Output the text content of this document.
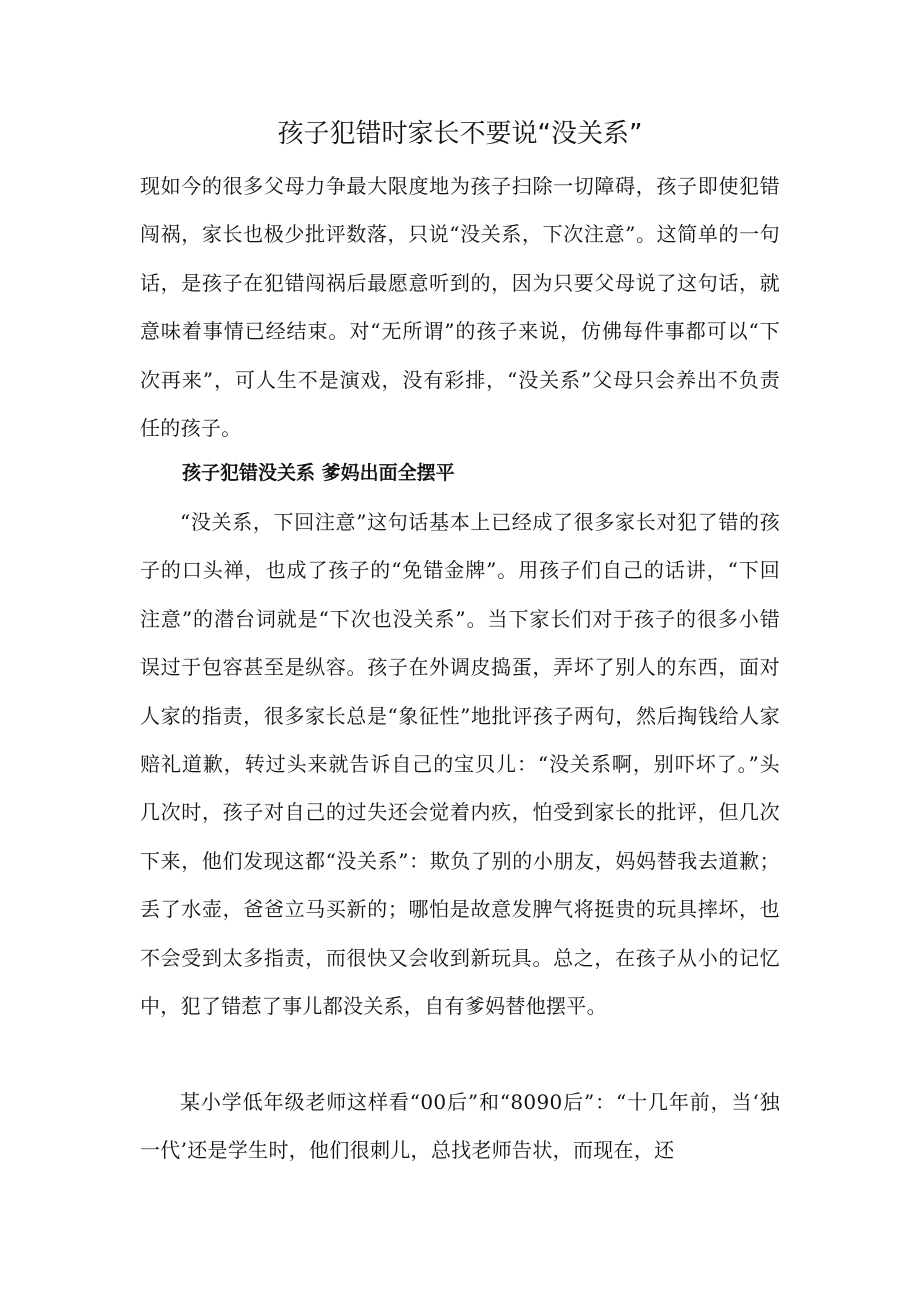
孩子犯错时家长不要说“没关系”

现如今的很多父母力争最大限度地为孩子扫除一切障碍，孩子即使犯错闯祸，家长也极少批评数落，只说“没关系，下次注意”。这简单的一句话，是孩子在犯错闯祸后最愿意听到的，因为只要父母说了这句话，就意味着事情已经结束。对“无所谓”的孩子来说，仿佛每件事都可以“下次再来”，可人生不是演戏，没有彩排，“没关系”父母只会养出不负责任的孩子。

孩子犯错没关系 爹妈出面全摆平

“没关系，下回注意”这句话基本上已经成了很多家长对犯了错的孩子的口头禅，也成了孩子的“免错金牌”。用孩子们自己的话讲，“下回注意”的潜台词就是“下次也没关系”。当下家长们对于孩子的很多小错误过于包容甚至是纵容。孩子在外调皮捣蛋，弄坏了别人的东西，面对人家的指责，很多家长总是“象征性”地批评孩子两句，然后掏钱给人家赔礼道歉，转过头来就告诉自己的宝贝儿：“没关系啊，别吓坏了。”头几次时，孩子对自己的过失还会觉着内疚，怕受到家长的批评，但几次下来，他们发现这都“没关系”：欺负了别的小朋友，妈妈替我去道歉；丢了水壶，爸爸立马买新的；哪怕是故意发脾气将挺贵的玩具摔坏，也不会受到太多指责，而很快又会收到新玩具。总之，在孩子从小的记忆中，犯了错惹了事儿都没关系，自有爹妈替他摆平。

某小学低年级老师这样看“00后”和“8090后”：“十几年前，当‘独一代’还是学生时，他们很刺儿，总找老师告状，而现在，还
